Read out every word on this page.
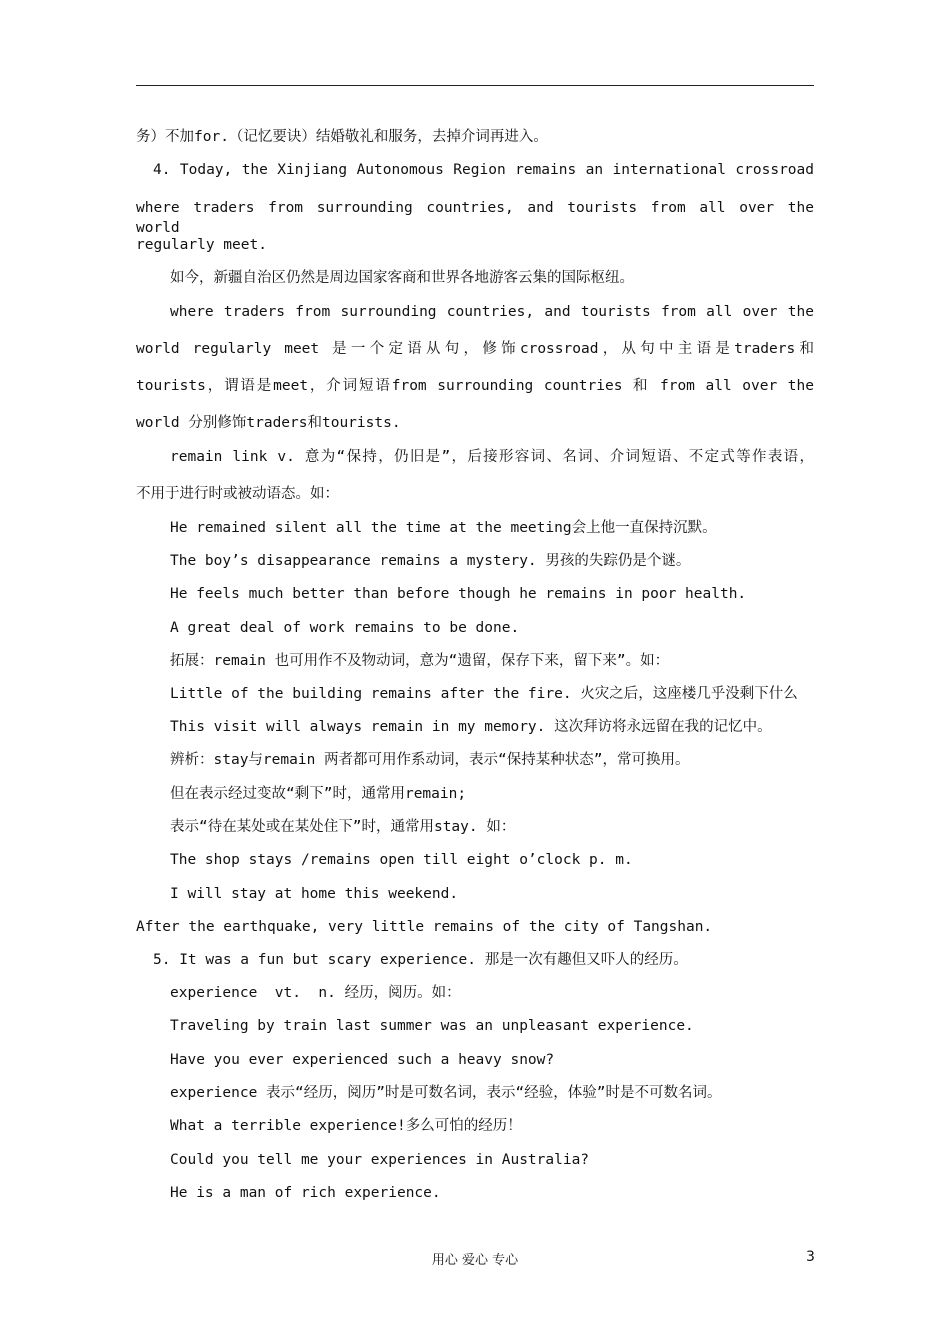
务）不加for.（记忆要诀）结婚敬礼和服务，去掉介词再进入。
4. Today, the Xinjiang Autonomous Region remains an international crossroad
where traders from surrounding countries, and tourists from all over the world
regularly meet.
如今，新疆自治区仍然是周边国家客商和世界各地游客云集的国际枢纽。
where traders from surrounding countries, and tourists from all over the
world regularly meet 是一个定语从句，修饰crossroad，从句中主语是traders和
tourists，谓语是meet，介词短语from surrounding countries 和 from all over the
world 分别修饰traders和tourists.
remain link v. 意为“保持，仍旧是”，后接形容词、名词、介词短语、不定式等作表语，
不用于进行时或被动语态。如：
He remained silent all the time at the meeting会上他一直保持沉默。
The boy’s disappearance remains a mystery. 男孩的失踪仍是个谜。
He feels much better than before though he remains in poor health.
A great deal of work remains to be done.
拓展：remain 也可用作不及物动词，意为“遗留，保存下来，留下来”。如：
Little of the building remains after the fire. 火灾之后，这座楼几乎没剩下什么
This visit will always remain in my memory. 这次拜访将永远留在我的记忆中。
辨析：stay与remain 两者都可用作系动词，表示“保持某种状态”，常可换用。
但在表示经过变故“剩下”时，通常用remain;
表示“待在某处或在某处住下”时，通常用stay. 如：
The shop stays /remains open till eight o’clock p. m.
I will stay at home this weekend.
After the earthquake, very little remains of the city of Tangshan.
5. It was a fun but scary experience. 那是一次有趣但又吓人的经历。
experience  vt.  n. 经历，阅历。如：
Traveling by train last summer was an unpleasant experience.
Have you ever experienced such a heavy snow?
experience 表示“经历，阅历”时是可数名词，表示“经验，体验”时是不可数名词。
What a terrible experience!多么可怕的经历！
Could you tell me your experiences in Australia?
He is a man of rich experience.
用心 爱心 专心	3
